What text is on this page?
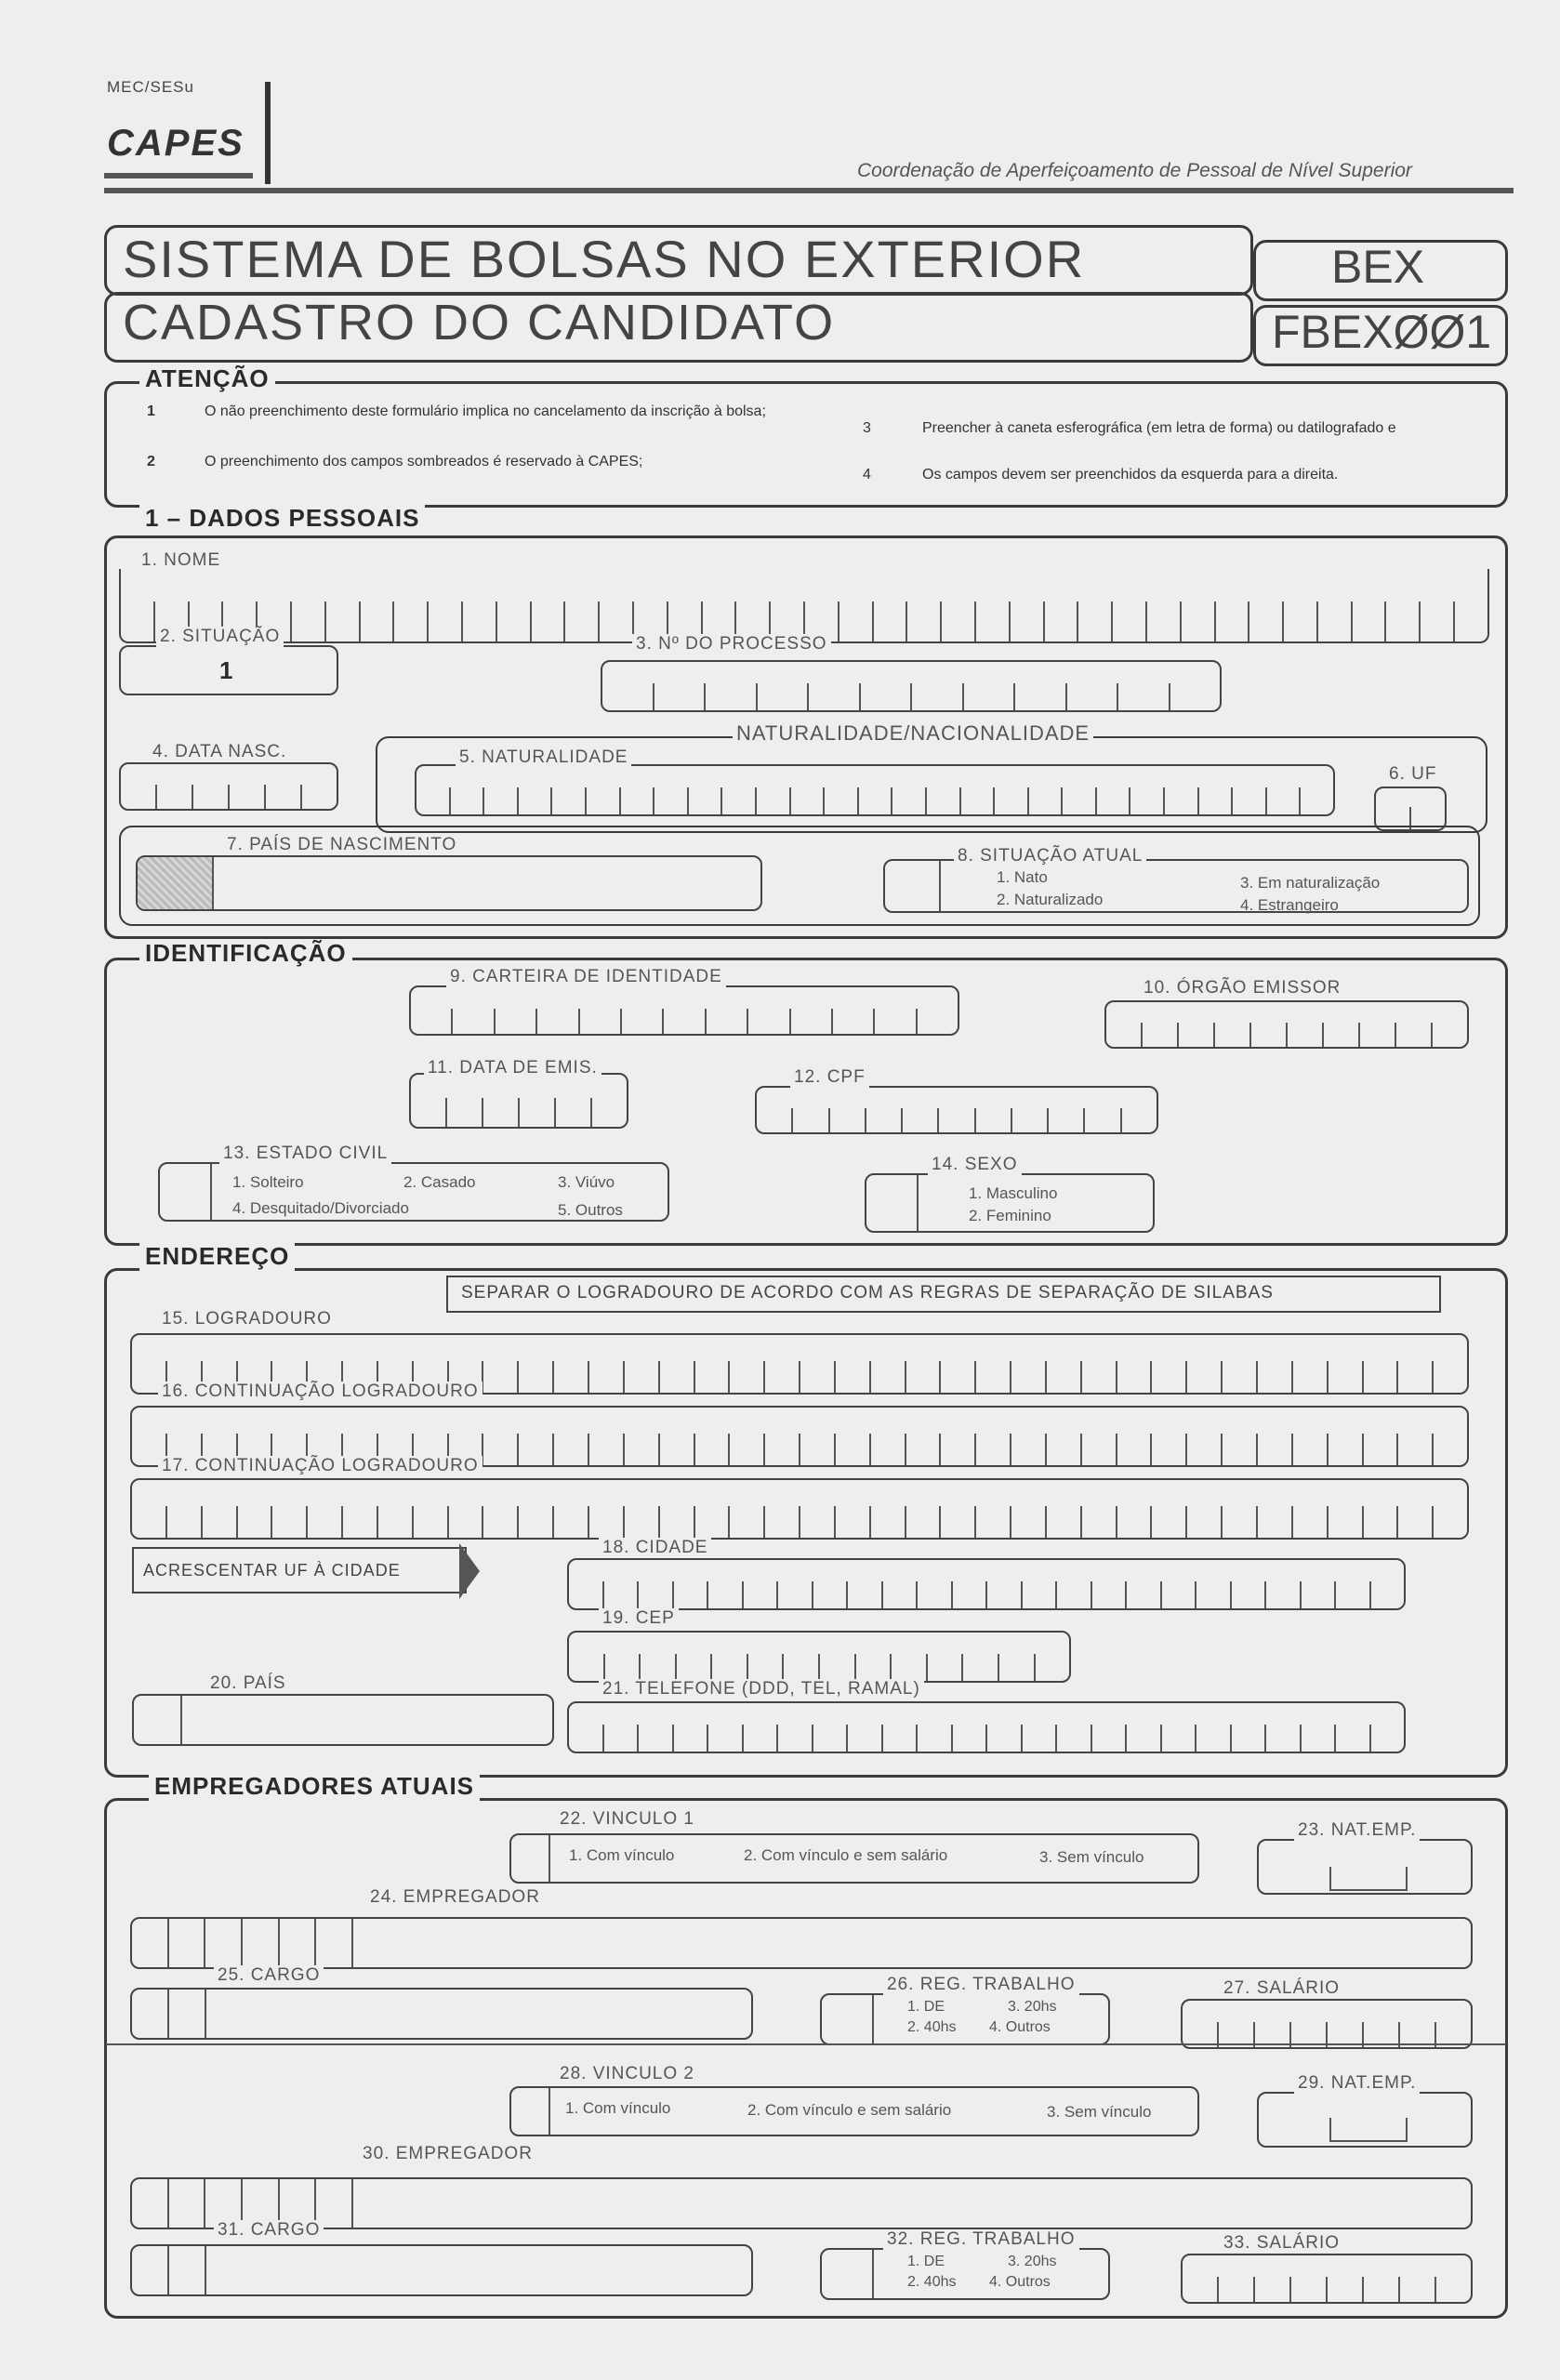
MEC/SESu
CAPES
Coordenação de Aperfeiçoamento de Pessoal de Nível Superior
SISTEMA DE BOLSAS NO EXTERIOR	BEX
CADASTRO DO CANDIDATO	FBEXØØ1
ATENÇÃO
1	O não preenchimento deste formulário implica no cancelamento da inscrição à bolsa;
2	O preenchimento dos campos sombreados é reservado à CAPES;
3	Preencher à caneta esferográfica (em letra de forma) ou datilografado e
4	Os campos devem ser preenchidos da esquerda para a direita.
1 – DADOS PESSOAIS
1. NOME
2. SITUAÇÃO
1
3. Nº DO PROCESSO
4. DATA NASC.
NATURALIDADE/NACIONALIDADE
5. NATURALIDADE
6. UF
7. PAÍS DE NASCIMENTO
8. SITUAÇÃO ATUAL
1. Nato
2. Naturalizado
3. Em naturalização
4. Estrangeiro
IDENTIFICAÇÃO
9. CARTEIRA DE IDENTIDADE
10. ÓRGÃO EMISSOR
11. DATA DE EMIS.	12. CPF
13. ESTADO CIVIL
1. Solteiro	2. Casado	3. Viúvo
4. Desquitado/Divorciado	5. Outros
14. SEXO
1. Masculino
2. Feminino
ENDEREÇO
SEPARAR O LOGRADOURO DE ACORDO COM AS REGRAS DE SEPARAÇÃO DE SILABAS
15. LOGRADOURO
16. CONTINUAÇÃO LOGRADOURO
17. CONTINUAÇÃO LOGRADOURO
ACRESCENTAR UF À CIDADE
18. CIDADE
19. CEP
20. PAÍS	21. TELEFONE (DDD, TEL, RAMAL)
EMPREGADORES ATUAIS
22. VINCULO 1
1. Com vínculo	2. Com vínculo e sem salário	3. Sem vínculo
23. NAT.EMP.
24. EMPREGADOR
25. CARGO	26. REG. TRABALHO
1. DE	3. 20hs
2. 40hs 4. Outros
27. SALÁRIO
28. VINCULO 2
1. Com vínculo	2. Com vínculo e sem salário	3. Sem vínculo
29. NAT.EMP.
30. EMPREGADOR
31. CARGO	32. REG. TRABALHO
1. DE	3. 20hs
2. 40hs 4. Outros
33. SALÁRIO
